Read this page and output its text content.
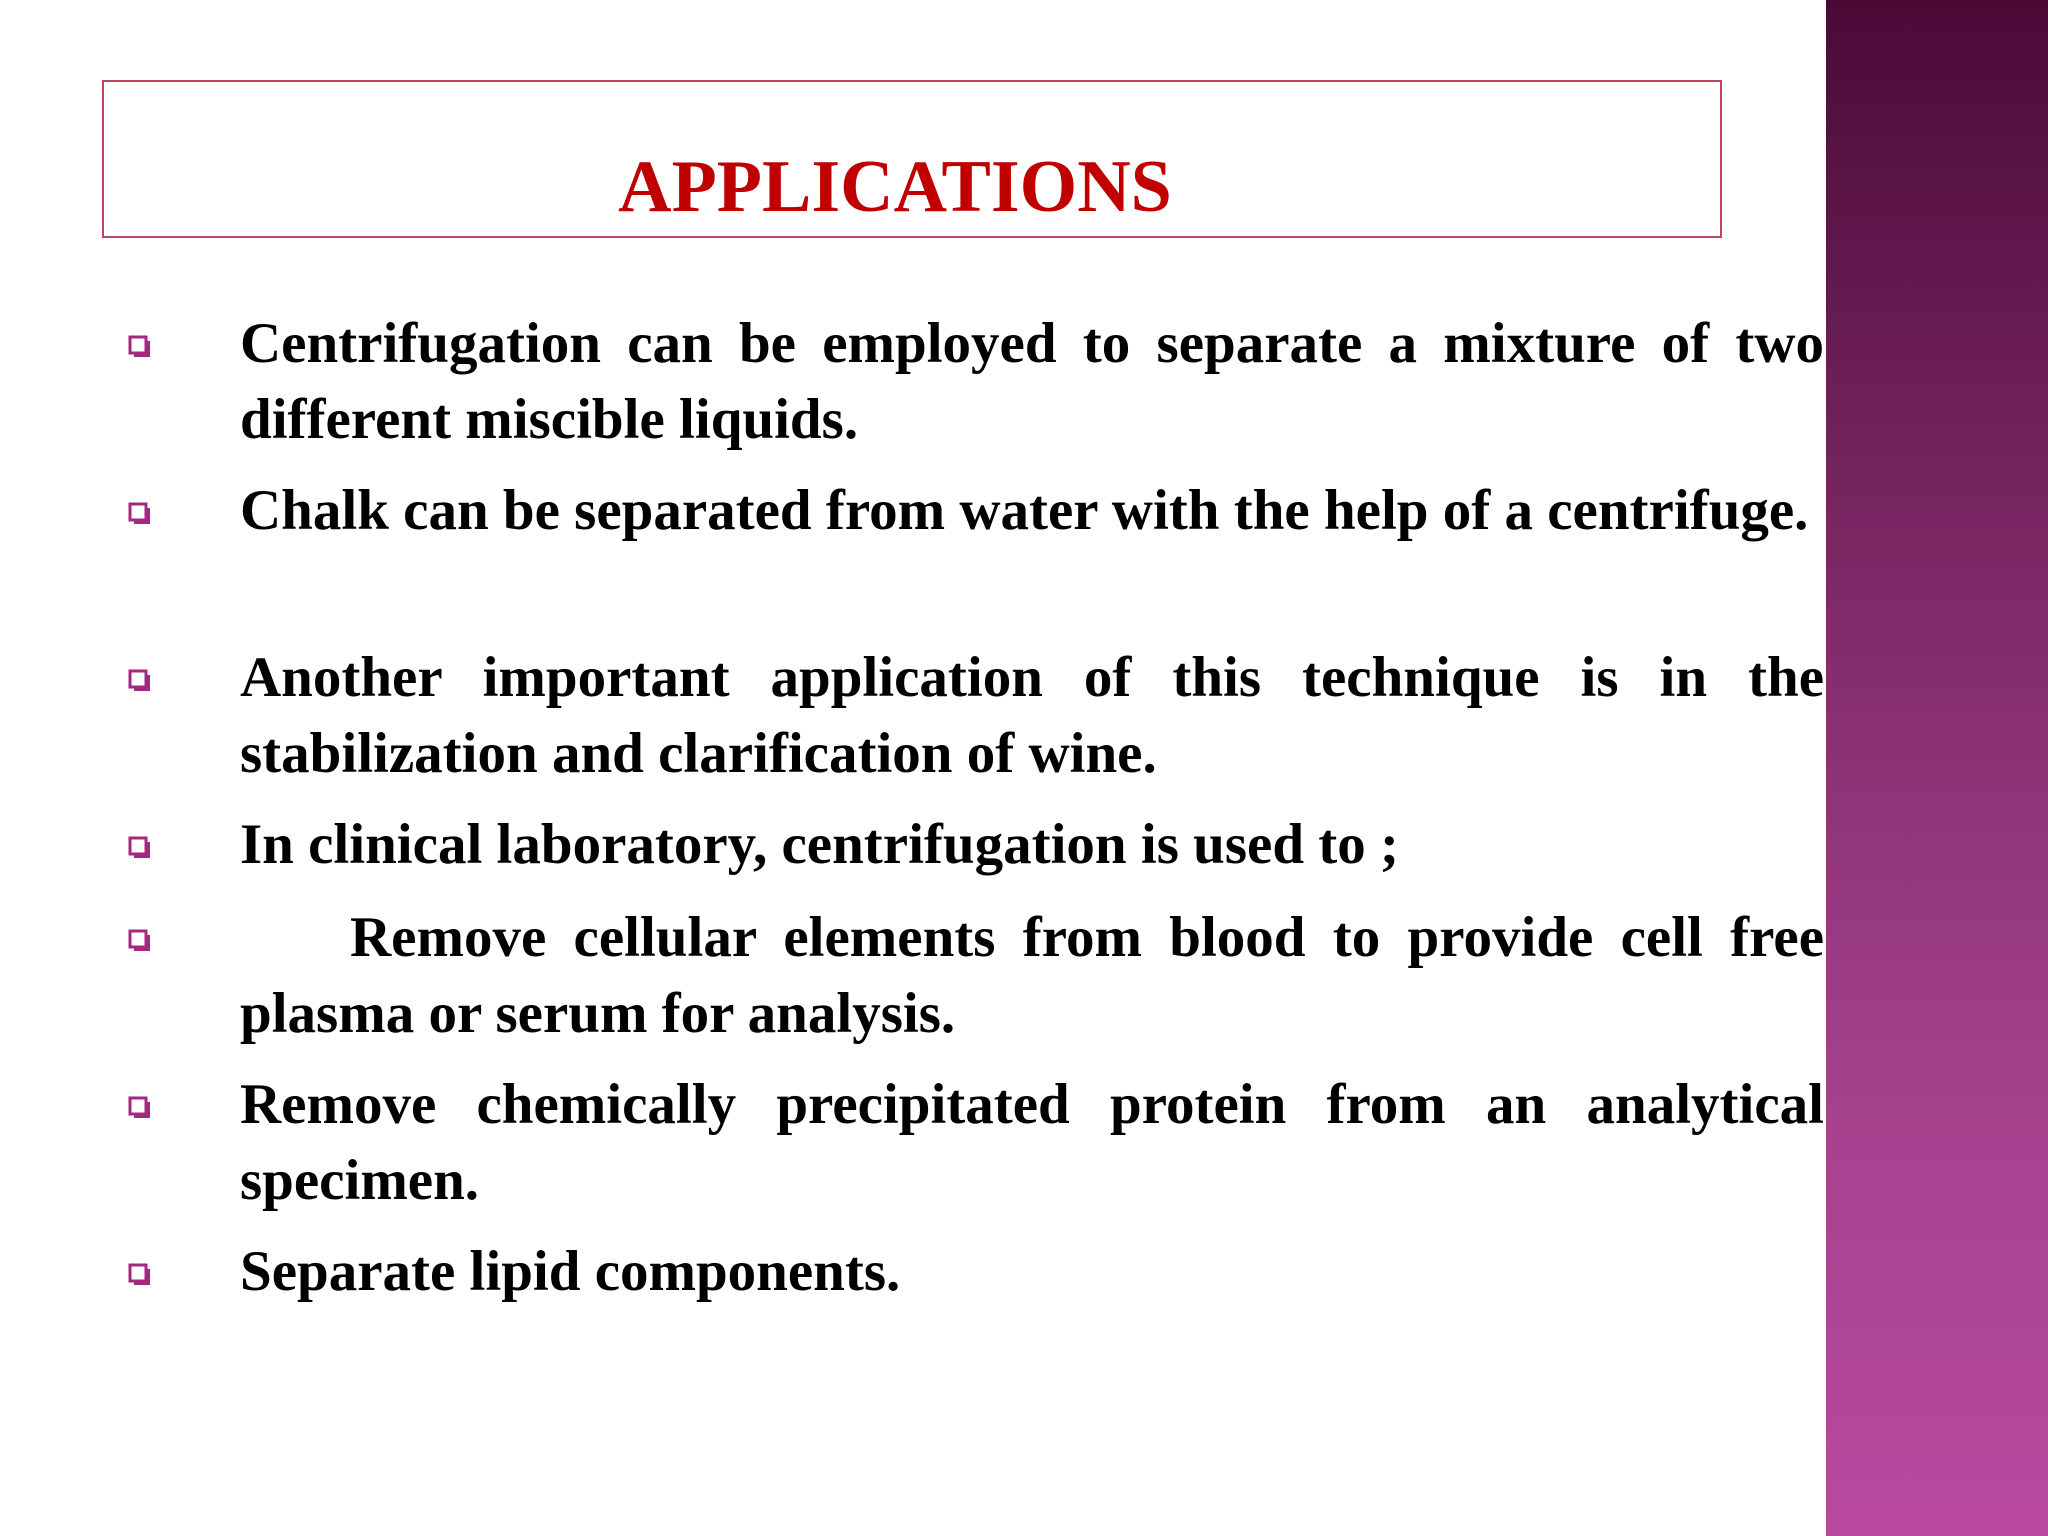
APPLICATIONS
Centrifugation can be employed to separate a mixture of two different miscible liquids.
Chalk can be separated from water with the help of a centrifuge.
Another important application of this technique is in the stabilization and clarification of wine.
In clinical laboratory, centrifugation is used to ;
Remove cellular elements from blood to provide cell free plasma or serum for analysis.
Remove chemically precipitated protein from an analytical specimen.
Separate lipid components.
